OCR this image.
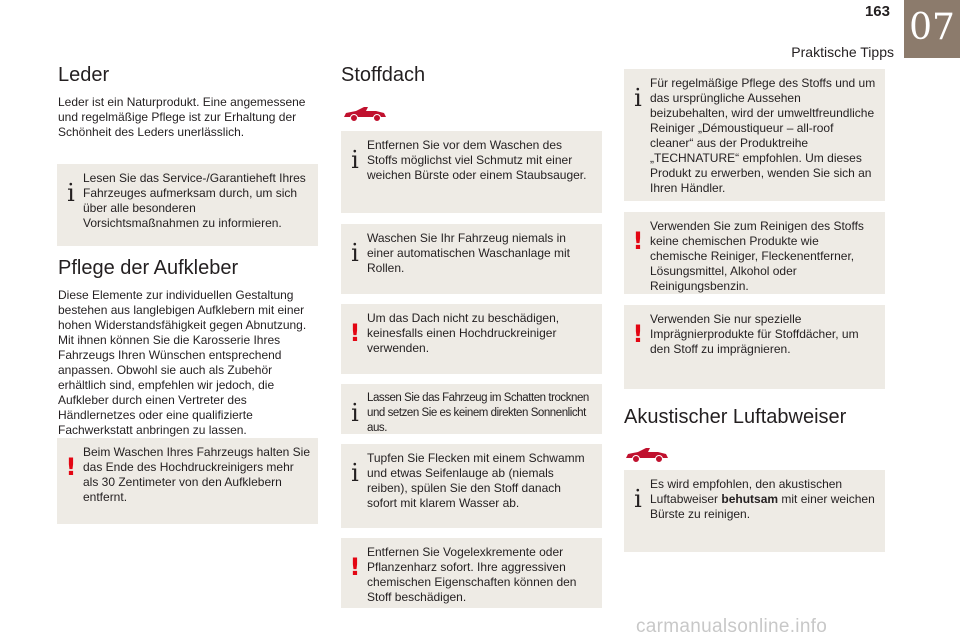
163
Praktische Tipps
07
Leder
Leder ist ein Naturprodukt. Eine angemessene und regelmäßige Pflege ist zur Erhaltung der Schönheit des Leders unerlässlich.
i
Lesen Sie das Service-/Garantieheft Ihres Fahrzeuges aufmerksam durch, um sich über alle besonderen Vorsichtsmaßnahmen zu informieren.
Pflege der Aufkleber
Diese Elemente zur individuellen Gestaltung bestehen aus langlebigen Aufklebern mit einer hohen Widerstandsfähigkeit gegen Abnutzung. Mit ihnen können Sie die Karosserie Ihres Fahrzeugs Ihren Wünschen entsprechend anpassen. Obwohl sie auch als Zubehör erhältlich sind, empfehlen wir jedoch, die Aufkleber durch einen Vertreter des Händlernetzes oder eine qualifizierte Fachwerkstatt anbringen zu lassen.
!
Beim Waschen Ihres Fahrzeugs halten Sie das Ende des Hochdruckreinigers mehr als 30 Zentimeter von den Aufklebern entfernt.
Stoffdach
i
Entfernen Sie vor dem Waschen des Stoffs möglichst viel Schmutz mit einer weichen Bürste oder einem Staubsauger.
i
Waschen Sie Ihr Fahrzeug niemals in einer automatischen Waschanlage mit Rollen.
!
Um das Dach nicht zu beschädigen, keinesfalls einen Hochdruckreiniger verwenden.
i
Lassen Sie das Fahrzeug im Schatten trocknen und setzen Sie es keinem direkten Sonnenlicht aus.
i
Tupfen Sie Flecken mit einem Schwamm und etwas Seifenlauge ab (niemals reiben), spülen Sie den Stoff danach sofort mit klarem Wasser ab.
!
Entfernen Sie Vogelexkremente oder Pflanzenharz sofort. Ihre aggressiven chemischen Eigenschaften können den Stoff beschädigen.
i
Für regelmäßige Pflege des Stoffs und um das ursprüngliche Aussehen beizubehalten, wird der umweltfreundliche Reiniger „Démoustiqueur – all-roof cleaner“ aus der Produktreihe „TECHNATURE“ empfohlen. Um dieses Produkt zu erwerben, wenden Sie sich an Ihren Händler.
!
Verwenden Sie zum Reinigen des Stoffs keine chemischen Produkte wie chemische Reiniger, Fleckenentferner, Lösungsmittel, Alkohol oder Reinigungsbenzin.
!
Verwenden Sie nur spezielle Imprägnierprodukte für Stoffdächer, um den Stoff zu imprägnieren.
Akustischer Luftabweiser
i
Es wird empfohlen, den akustischen Luftabweiser behutsam mit einer weichen Bürste zu reinigen.
carmanualsonline.info
